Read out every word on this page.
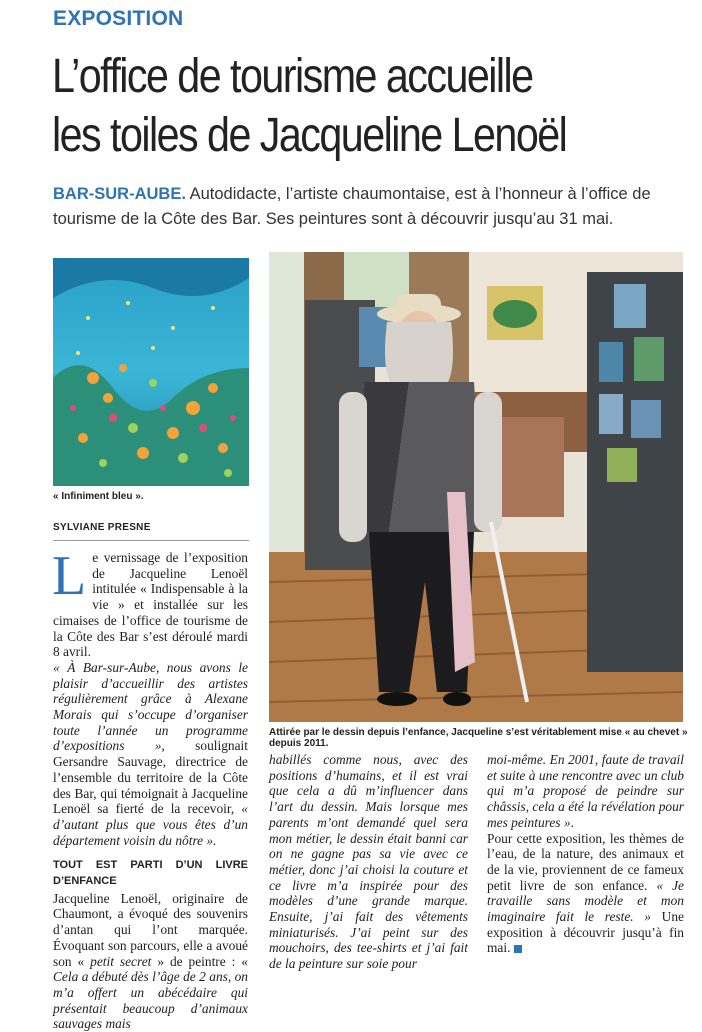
EXPOSITION
L’office de tourisme accueille
les toiles de Jacqueline Lenoël
BAR-SUR-AUBE. Autodidacte, l’artiste chaumontaise, est à l’honneur à l’office de tourisme de la Côte des Bar. Ses peintures sont à découvrir jusqu’au 31 mai.
« Infiniment bleu ».
SYLVIANE PRESNE
Attirée par le dessin depuis l’enfance, Jacqueline s’est véritablement mise « au chevet » depuis 2011.

Le vernissage de l’exposition de Jacqueline Lenoël intitulée « Indispensable à la vie » et installée sur les cimaises de l’office de tourisme de la Côte des Bar s’est déroulé mardi 8 avril.

« À Bar-sur-Aube, nous avons le plaisir d’accueillir des artistes régulièrement grâce à Alexane Morais qui s’occupe d’organiser toute l’année un programme d’expositions », soulignait Gersandre Sauvage, directrice de l’ensemble du territoire de la Côte des Bar, qui témoignait à Jacqueline Lenoël sa fierté de la recevoir, « d’autant plus que vous êtes d’un département voisin du nôtre ».

TOUT EST PARTI D’UN LIVRE D’ENFANCE

Jacqueline Lenoël, originaire de Chaumont, a évoqué des souvenirs d’antan qui l’ont marquée. Évoquant son parcours, elle a avoué son « petit secret » de peintre : « Cela a débuté dès l’âge de 2 ans, on m’a offert un abécédaire qui présentait beaucoup d’animaux sauvages mais

habillés comme nous, avec des positions d’humains, et il est vrai que cela a dû m’influencer dans l’art du dessin. Mais lorsque mes parents m’ont demandé quel sera mon métier, le dessin était banni car on ne gagne pas sa vie avec ce métier, donc j’ai choisi la couture et ce livre m’a inspirée pour des modèles d’une grande marque. Ensuite, j’ai fait des vêtements miniaturisés. J’ai peint sur des mouchoirs, des tee-shirts et j’ai fait de la peinture sur soie pour

moi-même. En 2001, faute de travail et suite à une rencontre avec un club qui m’a proposé de peindre sur châssis, cela a été la révélation pour mes peintures ».

Pour cette exposition, les thèmes de l’eau, de la nature, des animaux et de la vie, proviennent de ce fameux petit livre de son enfance. « Je travaille sans modèle et mon imaginaire fait le reste. » Une exposition à découvrir jusqu’à fin mai.
